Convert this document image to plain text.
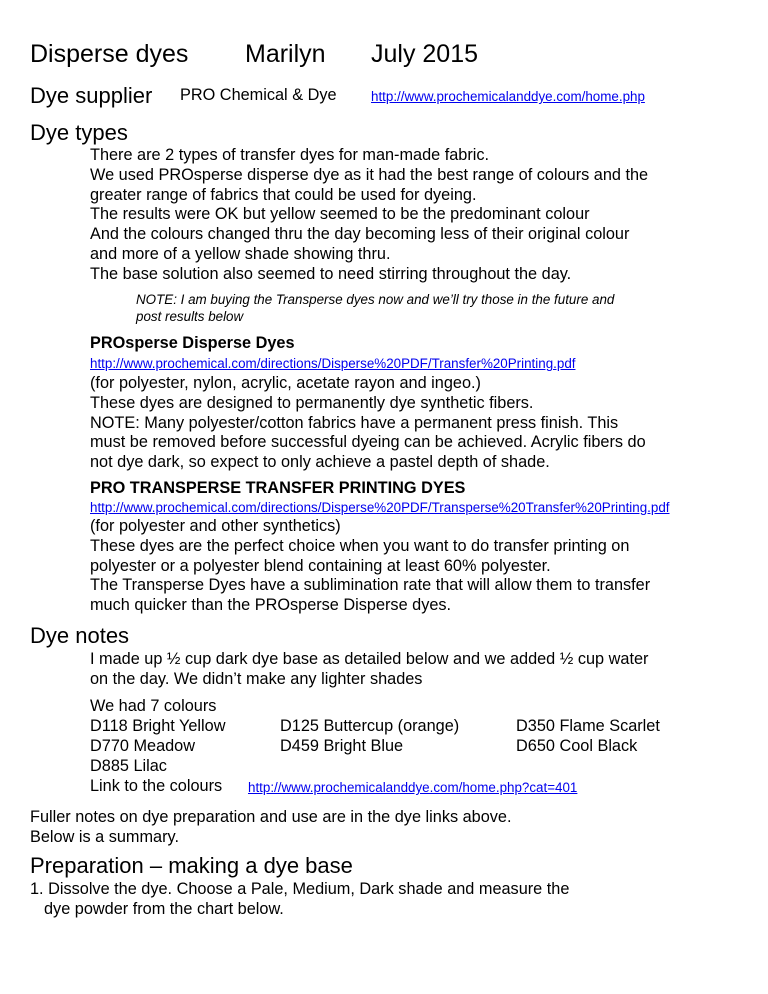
Disperse dyes Marilyn July 2015
Dye supplier PRO Chemical & Dye	http://www.prochemicalanddye.com/home.php
Dye types
There are 2 types of transfer dyes for man-made fabric.
We used PROsperse disperse dye as it had the best range of colours and the
greater range of fabrics that could be used for dyeing.
The results were OK but yellow seemed to be the predominant colour
And the colours changed thru the day becoming less of their original colour
and more of a yellow shade showing thru.
The base solution also seemed to need stirring throughout the day.
NOTE: I am buying the Transperse dyes now and we’ll try those in the future and
post results below
PROsperse Disperse Dyes
http://www.prochemical.com/directions/Disperse%20PDF/Transfer%20Printing.pdf
(for polyester, nylon, acrylic, acetate rayon and ingeo.)
These dyes are designed to permanently dye synthetic fibers.
NOTE: Many polyester/cotton fabrics have a permanent press finish. This
must be removed before successful dyeing can be achieved. Acrylic fibers do
not dye dark, so expect to only achieve a pastel depth of shade.
PRO TRANSPERSE TRANSFER PRINTING DYES
http://www.prochemical.com/directions/Disperse%20PDF/Transperse%20Transfer%20Printing.pdf
(for polyester and other synthetics)
These dyes are the perfect choice when you want to do transfer printing on
polyester or a polyester blend containing at least 60% polyester.
The Transperse Dyes have a sublimination rate that will allow them to transfer
much quicker than the PROsperse Disperse dyes.
Dye notes
I made up ½ cup dark dye base as detailed below and we added ½ cup water
on the day. We didn’t make any lighter shades
We had 7 colours
D118 Bright Yellow	D125 Buttercup (orange)	D350 Flame Scarlet
D770 Meadow	D459 Bright Blue	D650 Cool Black
D885 Lilac
Link to the colours http://www.prochemicalanddye.com/home.php?cat=401
Fuller notes on dye preparation and use are in the dye links above.
Below is a summary.
Preparation – making a dye base
1. Dissolve the dye. Choose a Pale, Medium, Dark shade and measure the
dye powder from the chart below.
